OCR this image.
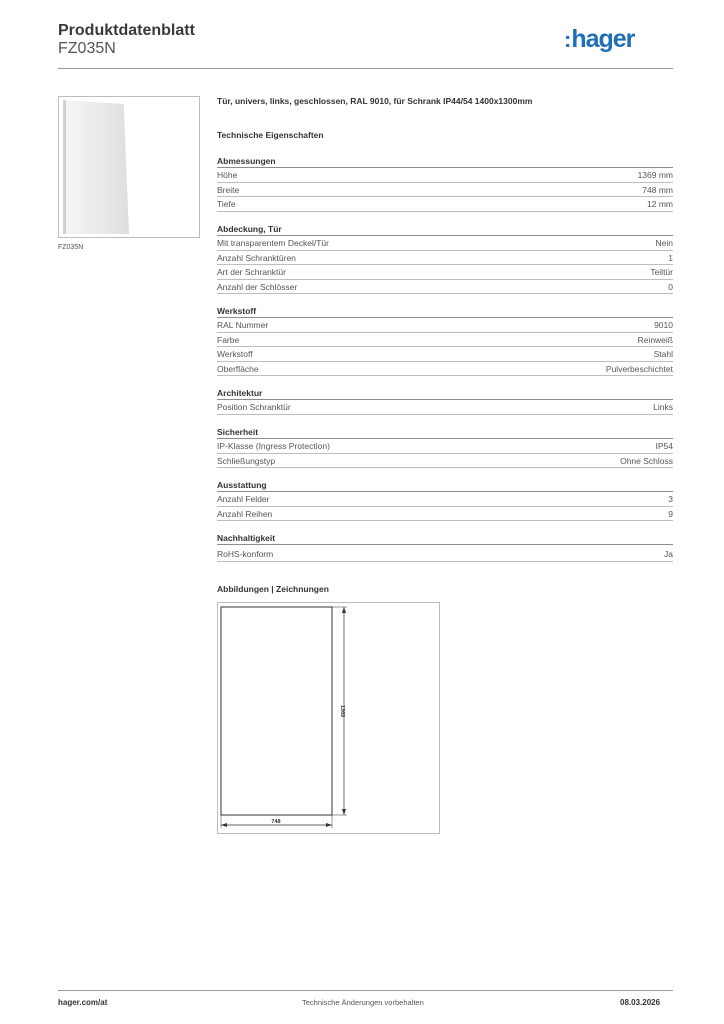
Produktdatenblatt
FZ035N	:hager
FZ035N
Tür, univers, links, geschlossen, RAL 9010, für Schrank IP44/54 1400x1300mm
Technische Eigenschaften
Abmessungen
Höhe	1369 mm
Breite	748 mm
Tiefe	12 mm
Abdeckung, Tür
Mit transparentem Deckel/Tür	Nein
Anzahl Schranktüren	1
Art der Schranktür	Teiltür
Anzahl der Schlösser	0
Werkstoff
RAL Nummer	9010
Farbe	Reinweiß
Werkstoff	Stahl
Oberfläche	Pulverbeschichtet
Architektur
Position Schranktür	Links
Sicherheit
IP-Klasse (Ingress Protection)	IP54
Schließungstyp	Ohne Schloss
Ausstattung
Anzahl Felder	3
Anzahl Reihen	9
Nachhaltigkeit
RoHS-konform	Ja
Abbildungen | Zeichnungen
1369
748
hager.com/at	Technische Änderungen vorbehalten	08.03.2026
